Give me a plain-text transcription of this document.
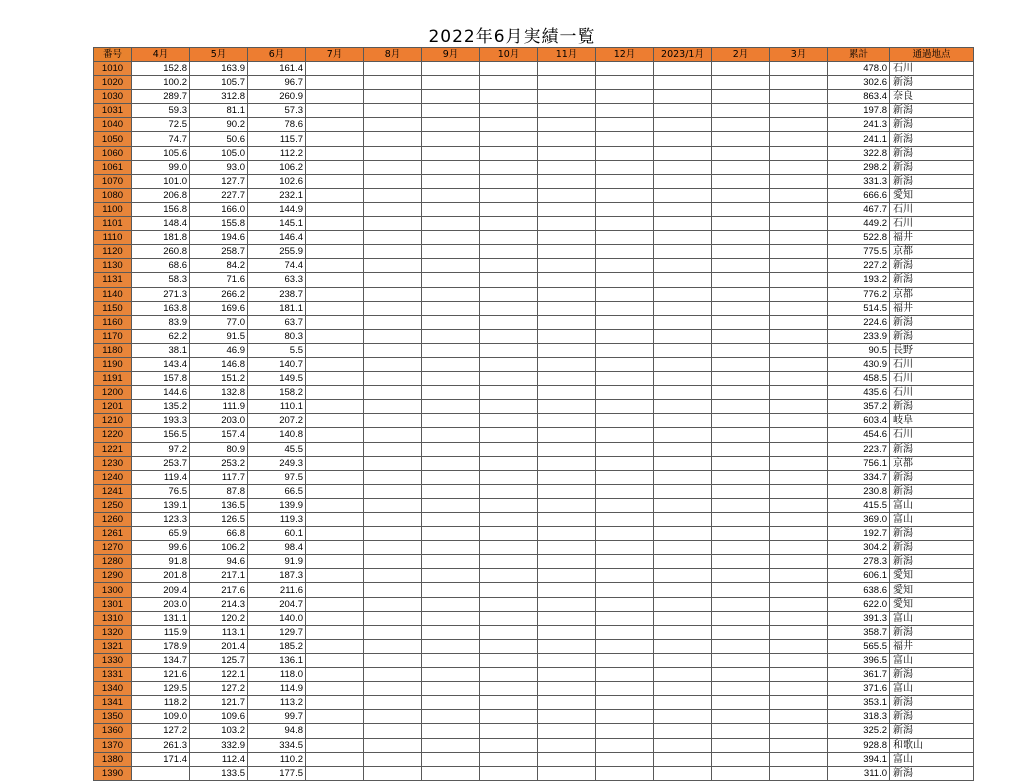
2022年6月実績一覧
番号	4月	5月	6月	7月	8月	9月	10月	11月	12月	2023/1月	2月	3月	累計	通過地点
1010	152.8	163.9	161.4										478.0	石川
1020	100.2	105.7	96.7										302.6	新潟
1030	289.7	312.8	260.9										863.4	奈良
1031	59.3	81.1	57.3										197.8	新潟
1040	72.5	90.2	78.6										241.3	新潟
1050	74.7	50.6	115.7										241.1	新潟
1060	105.6	105.0	112.2										322.8	新潟
1061	99.0	93.0	106.2										298.2	新潟
1070	101.0	127.7	102.6										331.3	新潟
1080	206.8	227.7	232.1										666.6	愛知
1100	156.8	166.0	144.9										467.7	石川
1101	148.4	155.8	145.1										449.2	石川
1110	181.8	194.6	146.4										522.8	福井
1120	260.8	258.7	255.9										775.5	京都
1130	68.6	84.2	74.4										227.2	新潟
1131	58.3	71.6	63.3										193.2	新潟
1140	271.3	266.2	238.7										776.2	京都
1150	163.8	169.6	181.1										514.5	福井
1160	83.9	77.0	63.7										224.6	新潟
1170	62.2	91.5	80.3										233.9	新潟
1180	38.1	46.9	5.5										90.5	長野
1190	143.4	146.8	140.7										430.9	石川
1191	157.8	151.2	149.5										458.5	石川
1200	144.6	132.8	158.2										435.6	石川
1201	135.2	111.9	110.1										357.2	新潟
1210	193.3	203.0	207.2										603.4	岐阜
1220	156.5	157.4	140.8										454.6	石川
1221	97.2	80.9	45.5										223.7	新潟
1230	253.7	253.2	249.3										756.1	京都
1240	119.4	117.7	97.5										334.7	新潟
1241	76.5	87.8	66.5										230.8	新潟
1250	139.1	136.5	139.9										415.5	富山
1260	123.3	126.5	119.3										369.0	富山
1261	65.9	66.8	60.1										192.7	新潟
1270	99.6	106.2	98.4										304.2	新潟
1280	91.8	94.6	91.9										278.3	新潟
1290	201.8	217.1	187.3										606.1	愛知
1300	209.4	217.6	211.6										638.6	愛知
1301	203.0	214.3	204.7										622.0	愛知
1310	131.1	120.2	140.0										391.3	富山
1320	115.9	113.1	129.7										358.7	新潟
1321	178.9	201.4	185.2										565.5	福井
1330	134.7	125.7	136.1										396.5	富山
1331	121.6	122.1	118.0										361.7	新潟
1340	129.5	127.2	114.9										371.6	富山
1341	118.2	121.7	113.2										353.1	新潟
1350	109.0	109.6	99.7										318.3	新潟
1360	127.2	103.2	94.8										325.2	新潟
1370	261.3	332.9	334.5										928.8	和歌山
1380	171.4	112.4	110.2										394.1	富山
1390		133.5	177.5										311.0	新潟
